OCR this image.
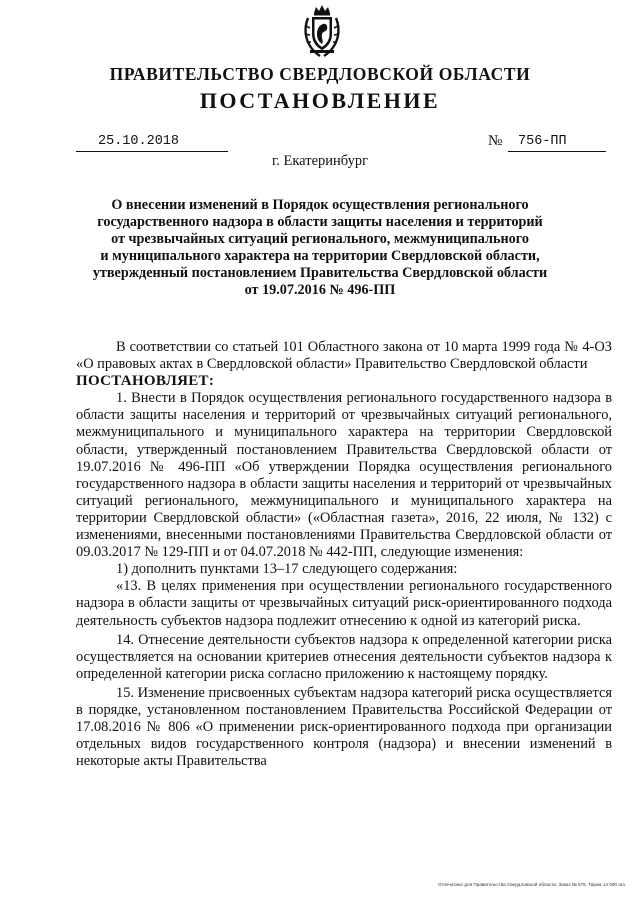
ПРАВИТЕЛЬСТВО СВЕРДЛОВСКОЙ ОБЛАСТИ
ПОСТАНОВЛЕНИЕ
25.10.2018	№ 756-ПП
г. Екатеринбург
О внесении изменений в Порядок осуществления регионального
государственного надзора в области защиты населения и территорий
от чрезвычайных ситуаций регионального, межмуниципального
и муниципального характера на территории Свердловской области,
утвержденный постановлением Правительства Свердловской области
от 19.07.2016 № 496-ПП

В соответствии со статьей 101 Областного закона от 10 марта 1999 года № 4-ОЗ «О правовых актах в Свердловской области» Правительство Свердловской области

ПОСТАНОВЛЯЕТ:

1. Внести в Порядок осуществления регионального государственного надзора в области защиты населения и территорий от чрезвычайных ситуаций регионального, межмуниципального и муниципального характера на территории Свердловской области, утвержденный постановлением Правительства Свердловской области от 19.07.2016 № 496-ПП «Об утверждении Порядка осуществления регионального государственного надзора в области защиты населения и территорий от чрезвычайных ситуаций регионального, межмуниципального и муниципального характера на территории Свердловской области» («Областная газета», 2016, 22 июля, № 132) с изменениями, внесенными постановлениями Правительства Свердловской области от 09.03.2017 № 129-ПП и от 04.07.2018 № 442-ПП, следующие изменения:

1) дополнить пунктами 13–17 следующего содержания:

«13. В целях применения при осуществлении регионального государственного надзора в области защиты от чрезвычайных ситуаций риск-ориентированного подхода деятельность субъектов надзора подлежит отнесению к одной из категорий риска.

14. Отнесение деятельности субъектов надзора к определенной категории риска осуществляется на основании критериев отнесения деятельности субъектов надзора к определенной категории риска согласно приложению к настоящему порядку.

15. Изменение присвоенных субъектам надзора категорий риска осуществляется в порядке, установленном постановлением Правительства Российской Федерации от 17.08.2016 № 806 «О применении риск-ориентированного подхода при организации отдельных видов государственного контроля (надзора) и внесении изменений в некоторые акты Правительства

Отпечатано для Правительства Свердловской области. Заказ № 575. Тираж 14 000 экз.
